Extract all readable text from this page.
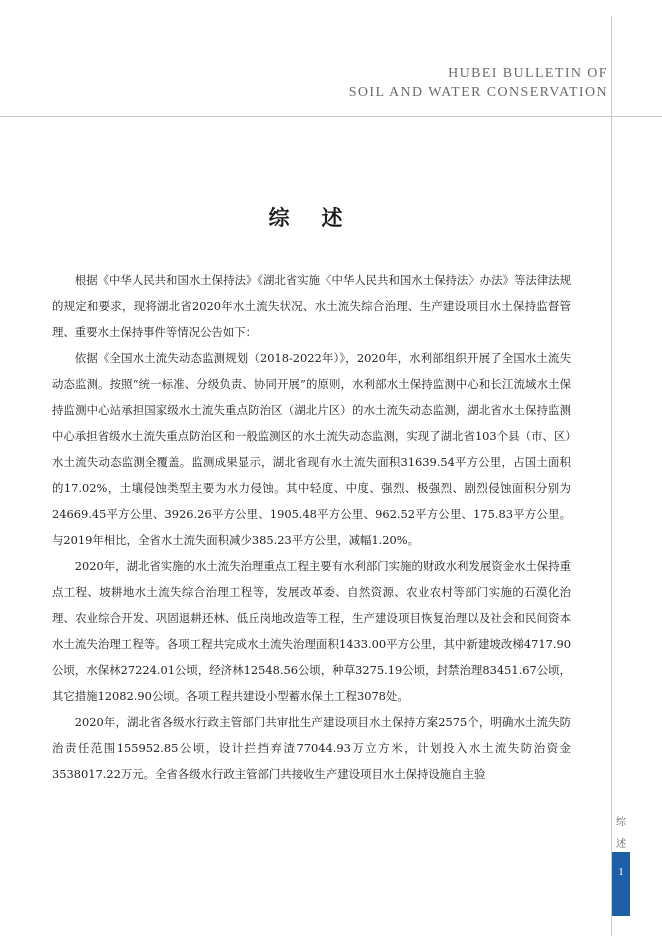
HUBEI BULLETIN OF
SOIL AND WATER CONSERVATION
综述

根据《中华人民共和国水土保持法》《湖北省实施〈中华人民共和国水土保持法〉办法》等法律法规的规定和要求，现将湖北省2020年水土流失状况、水土流失综合治理、生产建设项目水土保持监督管理、重要水土保持事件等情况公告如下：

依据《全国水土流失动态监测规划（2018-2022年）》，2020年，水利部组织开展了全国水土流失动态监测。按照“统一标准、分级负责、协同开展”的原则，水利部水土保持监测中心和长江流域水土保持监测中心站承担国家级水土流失重点防治区（湖北片区）的水土流失动态监测，湖北省水土保持监测中心承担省级水土流失重点防治区和一般监测区的水土流失动态监测，实现了湖北省103个县（市、区）水土流失动态监测全覆盖。监测成果显示，湖北省现有水土流失面积31639.54平方公里，占国土面积的17.02%，土壤侵蚀类型主要为水力侵蚀。其中轻度、中度、强烈、极强烈、剧烈侵蚀面积分别为24669.45平方公里、3926.26平方公里、1905.48平方公里、962.52平方公里、175.83平方公里。与2019年相比，全省水土流失面积减少385.23平方公里，减幅1.20%。

2020年，湖北省实施的水土流失治理重点工程主要有水利部门实施的财政水利发展资金水土保持重点工程、坡耕地水土流失综合治理工程等，发展改革委、自然资源、农业农村等部门实施的石漠化治理、农业综合开发、巩固退耕还林、低丘岗地改造等工程，生产建设项目恢复治理以及社会和民间资本水土流失治理工程等。各项工程共完成水土流失治理面积1433.00平方公里，其中新建坡改梯4717.90公顷，水保林27224.01公顷，经济林12548.56公顷，种草3275.19公顷，封禁治理83451.67公顷，其它措施12082.90公顷。各项工程共建设小型蓄水保土工程3078处。

2020年，湖北省各级水行政主管部门共审批生产建设项目水土保持方案2575个，明确水土流失防治责任范围155952.85公顷，设计拦挡弃渣77044.93万立方米，计划投入水土流失防治资金3538017.22万元。全省各级水行政主管部门共接收生产建设项目水土保持设施自主验

综
述
1
